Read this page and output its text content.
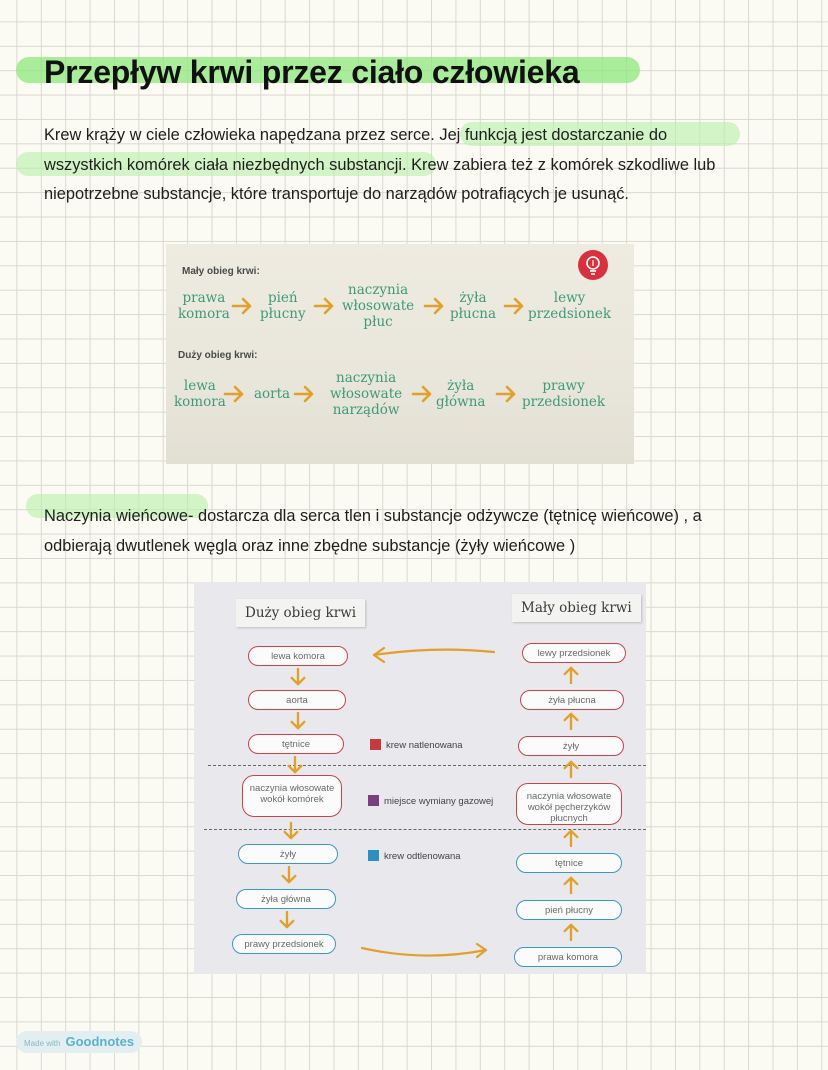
Przepływ krwi przez ciało człowieka

Krew krąży w ciele człowieka napędzana przez serce. Jej funkcją jest dostarczanie do
wszystkich komórek ciała niezbędnych substancji. Krew zabiera też z komórek szkodliwe lub
niepotrzebne substancje, które transportuje do narządów potrafiących je usunąć.

Mały obieg krwi:
Duży obieg krwi:
prawa
komora
pień
płucny
naczynia
włosowate
płuc
żyła
płucna
lewy
przedsionek
lewa
komora aorta
naczynia
włosowate
narządów
żyła
główna
prawy
przedsionek

Naczynia wieńcowe- dostarcza dla serca tlen i substancje odżywcze (tętnicę wieńcowe) , a
odbierają dwutlenek węgla oraz inne zbędne substancje (żyły wieńcowe )

Duży obieg krwi	Mały obieg krwi
lewa komora
aorta
tętnice
naczynia włosowate
wokół komórek
żyły
żyła główna
prawy przedsionek
lewy przedsionek
żyła płucna
żyły
naczynia włosowate
wokół pęcherzyków
płucnych
tętnice
pień płucny
prawa komora
krew natlenowana
miejsce wymiany gazowej
krew odtlenowana
Made with Goodnotes
